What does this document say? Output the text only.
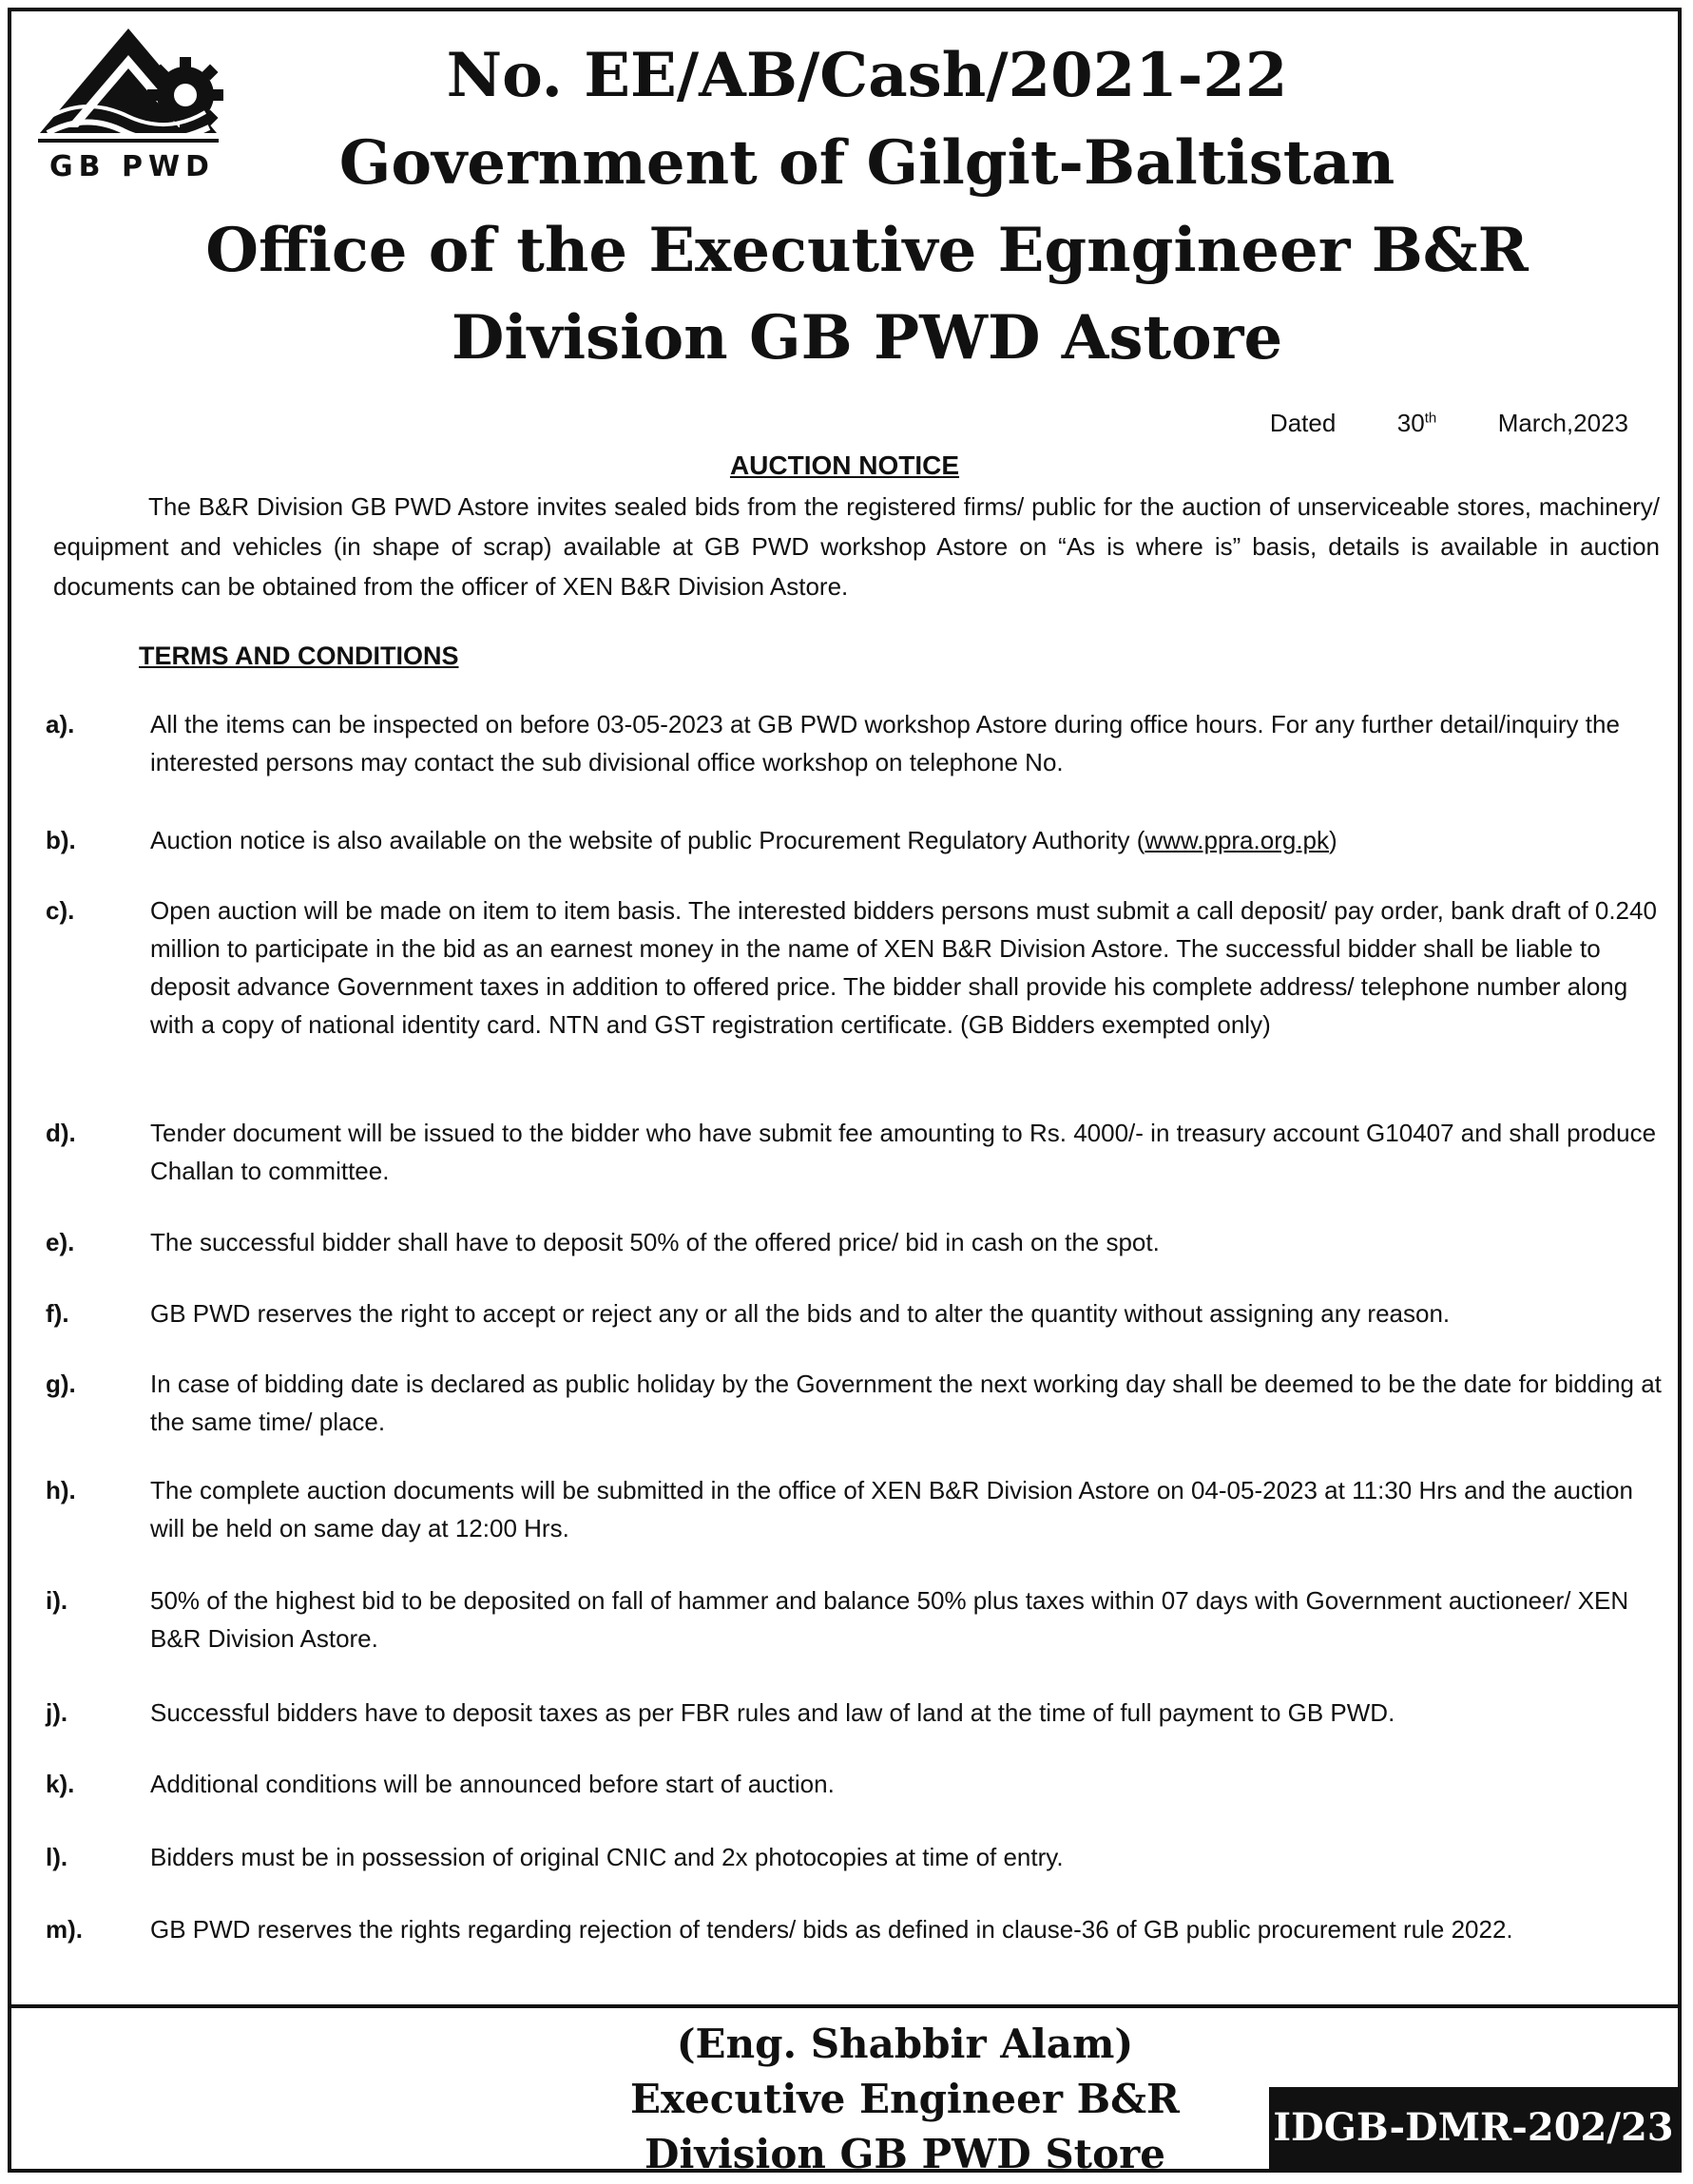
GB PWD
No. EE/AB/Cash/2021-22
Government of Gilgit-Baltistan
Office of the Executive Egngineer B&R
Division GB PWD Astore
Dated 30th March,2023
AUCTION NOTICE
The B&R Division GB PWD Astore invites sealed bids from the registered firms/ public for the auction of unserviceable stores, machinery/ equipment and vehicles (in shape of scrap) available at GB PWD workshop Astore on “As is where is” basis, details is available in auction documents can be obtained from the officer of XEN B&R Division Astore.
TERMS AND CONDITIONS
a).	All the items can be inspected on before 03-05-2023 at GB PWD workshop Astore during office hours. For any further detail/inquiry the interested persons may contact the sub divisional office workshop on telephone No.
b).	Auction notice is also available on the website of public Procurement Regulatory Authority (www.ppra.org.pk)
c).	Open auction will be made on item to item basis. The interested bidders persons must submit a call deposit/ pay order, bank draft of 0.240 million to participate in the bid as an earnest money in the name of XEN B&R Division Astore. The successful bidder shall be liable to deposit advance Government taxes in addition to offered price. The bidder shall provide his complete address/ telephone number along with a copy of national identity card. NTN and GST registration certificate. (GB Bidders exempted only)
d).	Tender document will be issued to the bidder who have submit fee amounting to Rs. 4000/- in treasury account G10407 and shall produce Challan to committee.
e).	The successful bidder shall have to deposit 50% of the offered price/ bid in cash on the spot.
f).	GB PWD reserves the right to accept or reject any or all the bids and to alter the quantity without assigning any reason.
g).	In case of bidding date is declared as public holiday by the Government the next working day shall be deemed to be the date for bidding at the same time/ place.
h).	The complete auction documents will be submitted in the office of XEN B&R Division Astore on 04-05-2023 at 11:30 Hrs and the auction will be held on same day at 12:00 Hrs.
i).	50% of the highest bid to be deposited on fall of hammer and balance 50% plus taxes within 07 days with Government auctioneer/ XEN B&R Division Astore.
j).	Successful bidders have to deposit taxes as per FBR rules and law of land at the time of full payment to GB PWD.
k).	Additional conditions will be announced before start of auction.
l).	Bidders must be in possession of original CNIC and 2x photocopies at time of entry.
m).	GB PWD reserves the rights regarding rejection of tenders/ bids as defined in clause-36 of GB public procurement rule 2022.
(Eng. Shabbir Alam)
Executive Engineer B&R
Division GB PWD Store
IDGB-DMR-202/23
